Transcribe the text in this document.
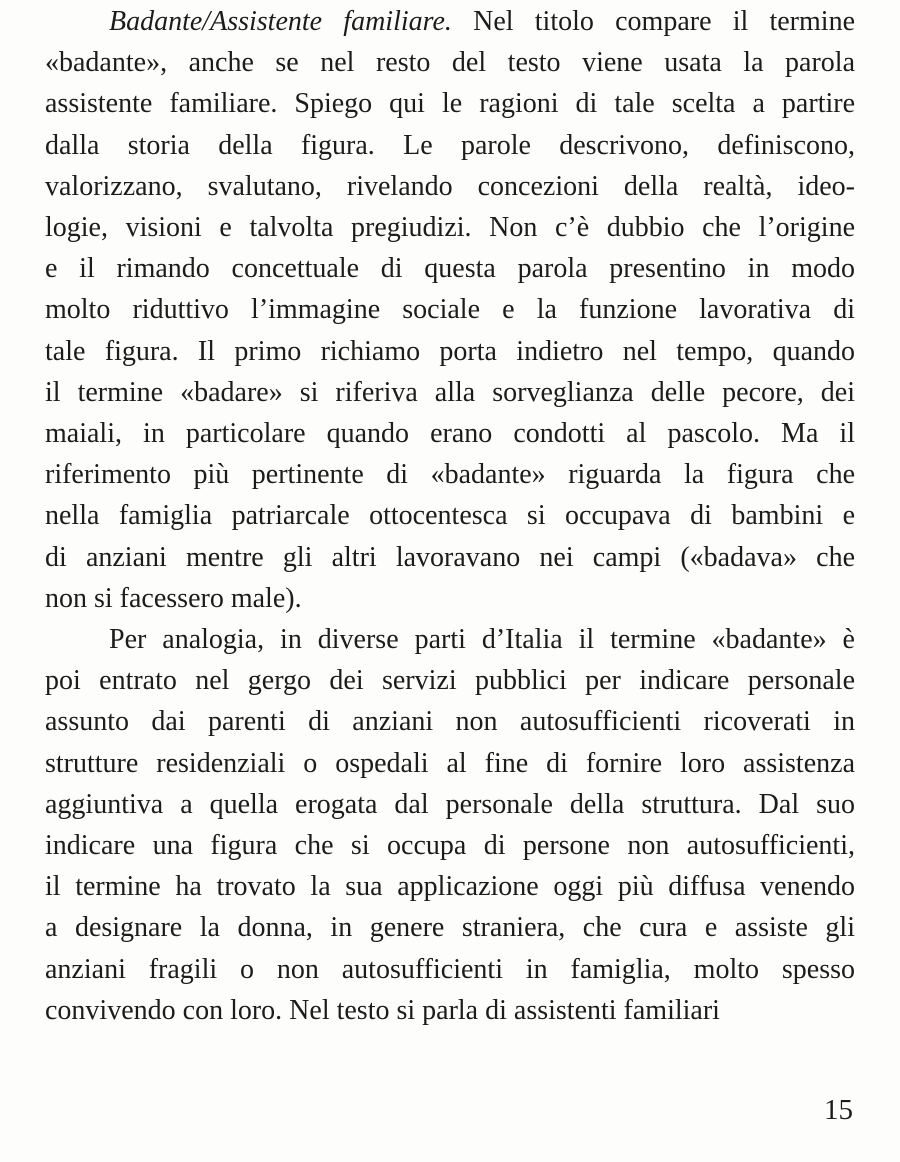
Badante/Assistente familiare. Nel titolo compare il termine
«badante», anche se nel resto del testo viene usata la parola
assistente familiare. Spiego qui le ragioni di tale scelta a partire
dalla storia della figura. Le parole descrivono, definiscono,
valorizzano, svalutano, rivelando concezioni della realtà, ideo-
logie, visioni e talvolta pregiudizi. Non c’è dubbio che l’origine
e il rimando concettuale di questa parola presentino in modo
molto riduttivo l’immagine sociale e la funzione lavorativa di
tale figura. Il primo richiamo porta indietro nel tempo, quando
il termine «badare» si riferiva alla sorveglianza delle pecore, dei
maiali, in particolare quando erano condotti al pascolo. Ma il
riferimento più pertinente di «badante» riguarda la figura che
nella famiglia patriarcale ottocentesca si occupava di bambini e
di anziani mentre gli altri lavoravano nei campi («badava» che
non si facessero male).
Per analogia, in diverse parti d’Italia il termine «badante» è
poi entrato nel gergo dei servizi pubblici per indicare personale
assunto dai parenti di anziani non autosufficienti ricoverati in
strutture residenziali o ospedali al fine di fornire loro assistenza
aggiuntiva a quella erogata dal personale della struttura. Dal suo
indicare una figura che si occupa di persone non autosufficienti,
il termine ha trovato la sua applicazione oggi più diffusa venendo
a designare la donna, in genere straniera, che cura e assiste gli
anziani fragili o non autosufficienti in famiglia, molto spesso
convivendo con loro. Nel testo si parla di assistenti familiari
15
